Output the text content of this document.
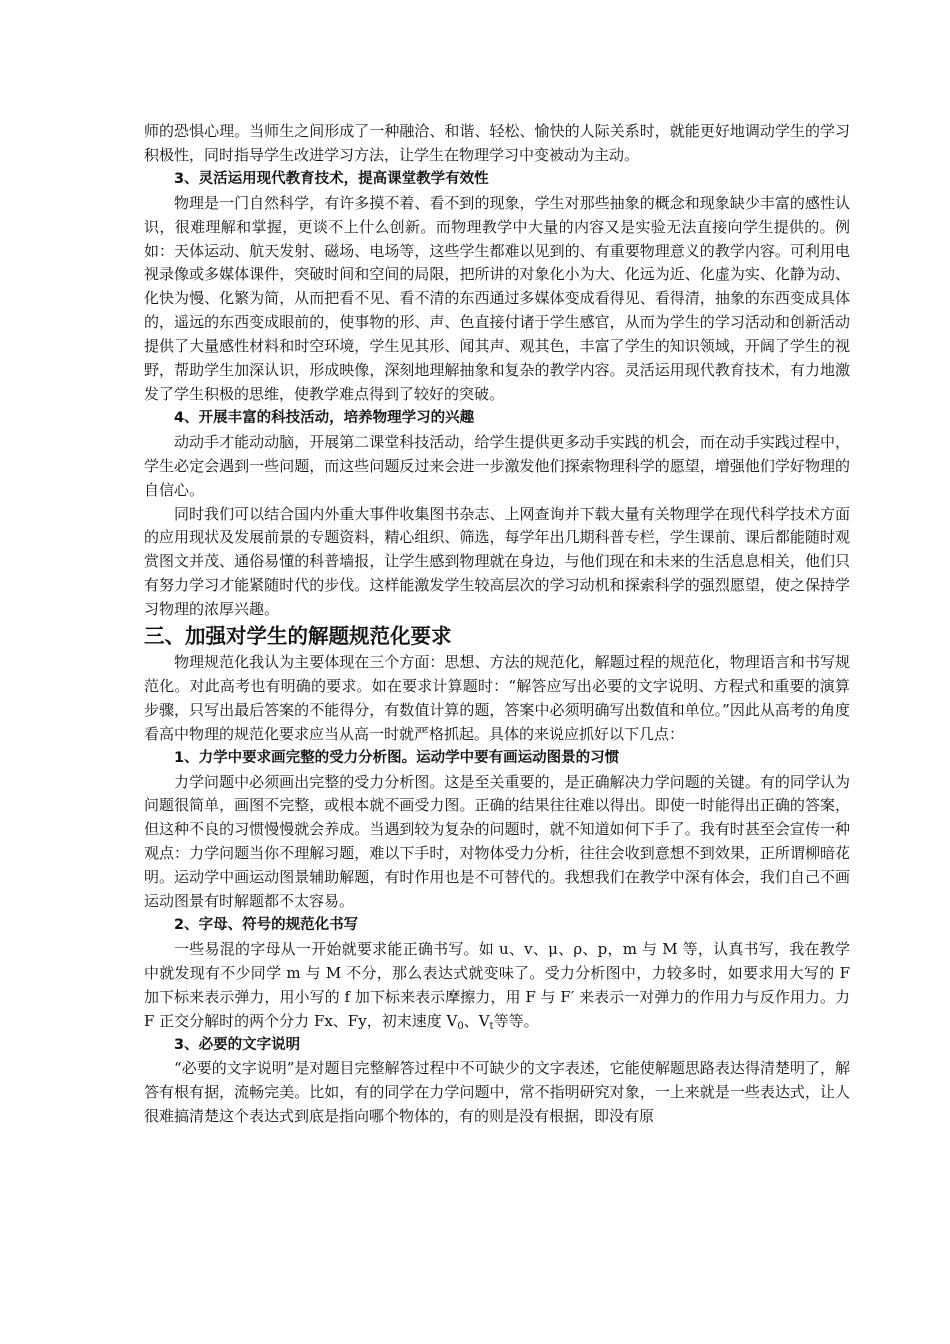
师的恐惧心理。当师生之间形成了一种融洽、和谐、轻松、愉快的人际关系时，就能更好地调动学生的学习积极性，同时指导学生改进学习方法，让学生在物理学习中变被动为主动。

3、灵活运用现代教育技术，提高课堂教学有效性

物理是一门自然科学，有许多摸不着、看不到的现象，学生对那些抽象的概念和现象缺少丰富的感性认识，很难理解和掌握，更谈不上什么创新。而物理教学中大量的内容又是实验无法直接向学生提供的。例如：天体运动、航天发射、磁场、电场等，这些学生都难以见到的、有重要物理意义的教学内容。可利用电视录像或多媒体课件，突破时间和空间的局限，把所讲的对象化小为大、化远为近、化虚为实、化静为动、化快为慢、化繁为简，从而把看不见、看不清的东西通过多媒体变成看得见、看得清，抽象的东西变成具体的，遥远的东西变成眼前的，使事物的形、声、色直接付诸于学生感官，从而为学生的学习活动和创新活动提供了大量感性材料和时空环境，学生见其形、闻其声、观其色，丰富了学生的知识领域，开阔了学生的视野，帮助学生加深认识，形成映像，深刻地理解抽象和复杂的教学内容。灵活运用现代教育技术，有力地激发了学生积极的思维，使教学难点得到了较好的突破。

4、开展丰富的科技活动，培养物理学习的兴趣

动动手才能动动脑，开展第二课堂科技活动，给学生提供更多动手实践的机会，而在动手实践过程中，学生必定会遇到一些问题，而这些问题反过来会进一步激发他们探索物理科学的愿望，增强他们学好物理的自信心。

同时我们可以结合国内外重大事件收集图书杂志、上网查询并下载大量有关物理学在现代科学技术方面的应用现状及发展前景的专题资料，精心组织、筛选，每学年出几期科普专栏，学生课前、课后都能随时观赏图文并茂、通俗易懂的科普墙报，让学生感到物理就在身边，与他们现在和未来的生活息息相关，他们只有努力学习才能紧随时代的步伐。这样能激发学生较高层次的学习动机和探索科学的强烈愿望，使之保持学习物理的浓厚兴趣。

三、加强对学生的解题规范化要求

物理规范化我认为主要体现在三个方面：思想、方法的规范化，解题过程的规范化，物理语言和书写规范化。对此高考也有明确的要求。如在要求计算题时：“解答应写出必要的文字说明、方程式和重要的演算步骤，只写出最后答案的不能得分，有数值计算的题，答案中必须明确写出数值和单位。”因此从高考的角度看高中物理的规范化要求应当从高一时就严格抓起。具体的来说应抓好以下几点：

1、力学中要求画完整的受力分析图。运动学中要有画运动图景的习惯

力学问题中必须画出完整的受力分析图。这是至关重要的，是正确解决力学问题的关键。有的同学认为问题很简单，画图不完整，或根本就不画受力图。正确的结果往往难以得出。即使一时能得出正确的答案，但这种不良的习惯慢慢就会养成。当遇到较为复杂的问题时，就不知道如何下手了。我有时甚至会宣传一种观点：力学问题当你不理解习题，难以下手时，对物体受力分析，往往会收到意想不到效果，正所谓柳暗花明。运动学中画运动图景辅助解题，有时作用也是不可替代的。我想我们在教学中深有体会，我们自己不画运动图景有时解题都不太容易。

2、字母、符号的规范化书写

一些易混的字母从一开始就要求能正确书写。如 u、v、μ、ρ、p，m 与 M 等，认真书写，我在教学中就发现有不少同学 m 与 M 不分，那么表达式就变味了。受力分析图中，力较多时，如要求用大写的 F 加下标来表示弹力，用小写的 f 加下标来表示摩擦力，用 F 与 F′ 来表示一对弹力的作用力与反作用力。力 F 正交分解时的两个分力 Fx、Fy，初末速度 $V_0$、$V_t$等等。

3、必要的文字说明

“必要的文字说明”是对题目完整解答过程中不可缺少的文字表述，它能使解题思路表达得清楚明了，解答有根有据，流畅完美。比如，有的同学在力学问题中，常不指明研究对象，一上来就是一些表达式，让人很难搞清楚这个表达式到底是指向哪个物体的，有的则是没有根据，即没有原
